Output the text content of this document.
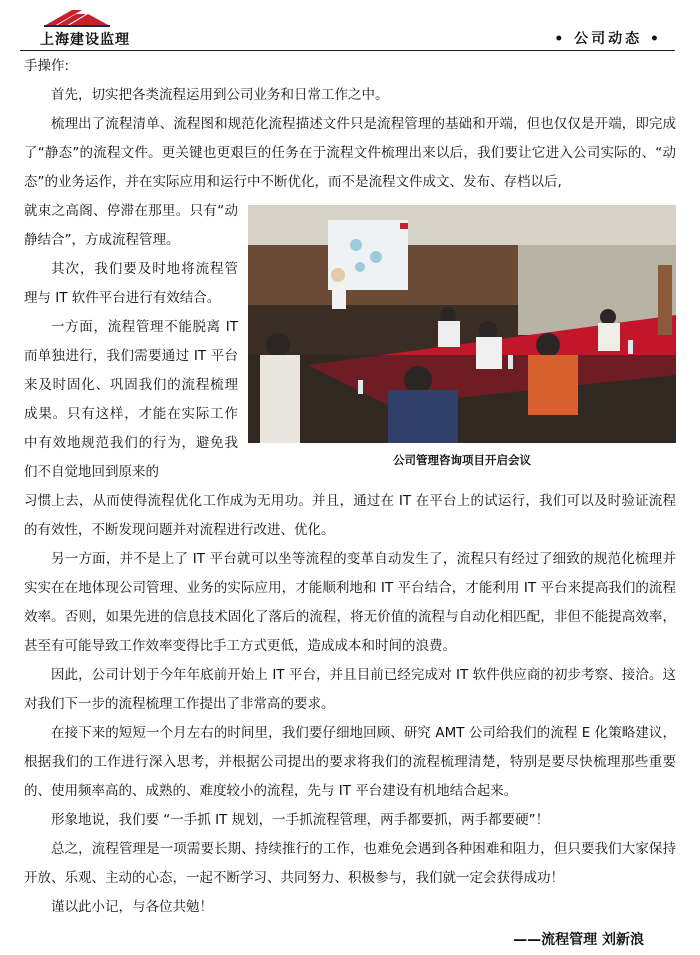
上海建设监理	• 公司动态 •

手操作:

首先，切实把各类流程运用到公司业务和日常工作之中。

梳理出了流程清单、流程图和规范化流程描述文件只是流程管理的基础和开端，但也仅仅是开端，即完成了“静态”的流程文件。更关键也更艰巨的任务在于流程文件梳理出来以后，我们要让它进入公司实际的、“动态”的业务运作，并在实际应用和运行中不断优化，而不是流程文件成文、发布、存档以后,

就束之高阁、停滞在那里。只有“动静结合”，方成流程管理。

其次，我们要及时地将流程管理与 IT 软件平台进行有效结合。

一方面，流程管理不能脱离 IT 而单独进行，我们需要通过 IT 平台来及时固化、巩固我们的流程梳理成果。只有这样，才能在实际工作中有效地规范我们的行为，避免我们不自觉地回到原来的

习惯上去，从而使得流程优化工作成为无用功。并且，通过在 IT 在平台上的试运行，我们可以及时验证流程的有效性，不断发现问题并对流程进行改进、优化。

公司管理咨询项目开启会议

另一方面，并不是上了 IT 平台就可以坐等流程的变革自动发生了，流程只有经过了细致的规范化梳理并实实在在地体现公司管理、业务的实际应用，才能顺利地和 IT 平台结合，才能利用 IT 平台来提高我们的流程效率。否则，如果先进的信息技术固化了落后的流程，将无价值的流程与自动化相匹配，非但不能提高效率，甚至有可能导致工作效率变得比手工方式更低，造成成本和时间的浪费。

因此，公司计划于今年年底前开始上 IT 平台，并且目前已经完成对 IT 软件供应商的初步考察、接洽。这对我们下一步的流程梳理工作提出了非常高的要求。

在接下来的短短一个月左右的时间里，我们要仔细地回顾、研究 AMT 公司给我们的流程 E 化策略建议，根据我们的工作进行深入思考，并根据公司提出的要求将我们的流程梳理清楚，特别是要尽快梳理那些重要的、使用频率高的、成熟的、难度较小的流程，先与 IT 平台建设有机地结合起来。

形象地说，我们要 “一手抓 IT 规划，一手抓流程管理，两手都要抓，两手都要硬”！

总之，流程管理是一项需要长期、持续推行的工作，也难免会遇到各种困难和阻力，但只要我们大家保持开放、乐观、主动的心态，一起不断学习、共同努力、积极参与，我们就一定会获得成功！

谨以此小记，与各位共勉！

——流程管理 刘新浪
